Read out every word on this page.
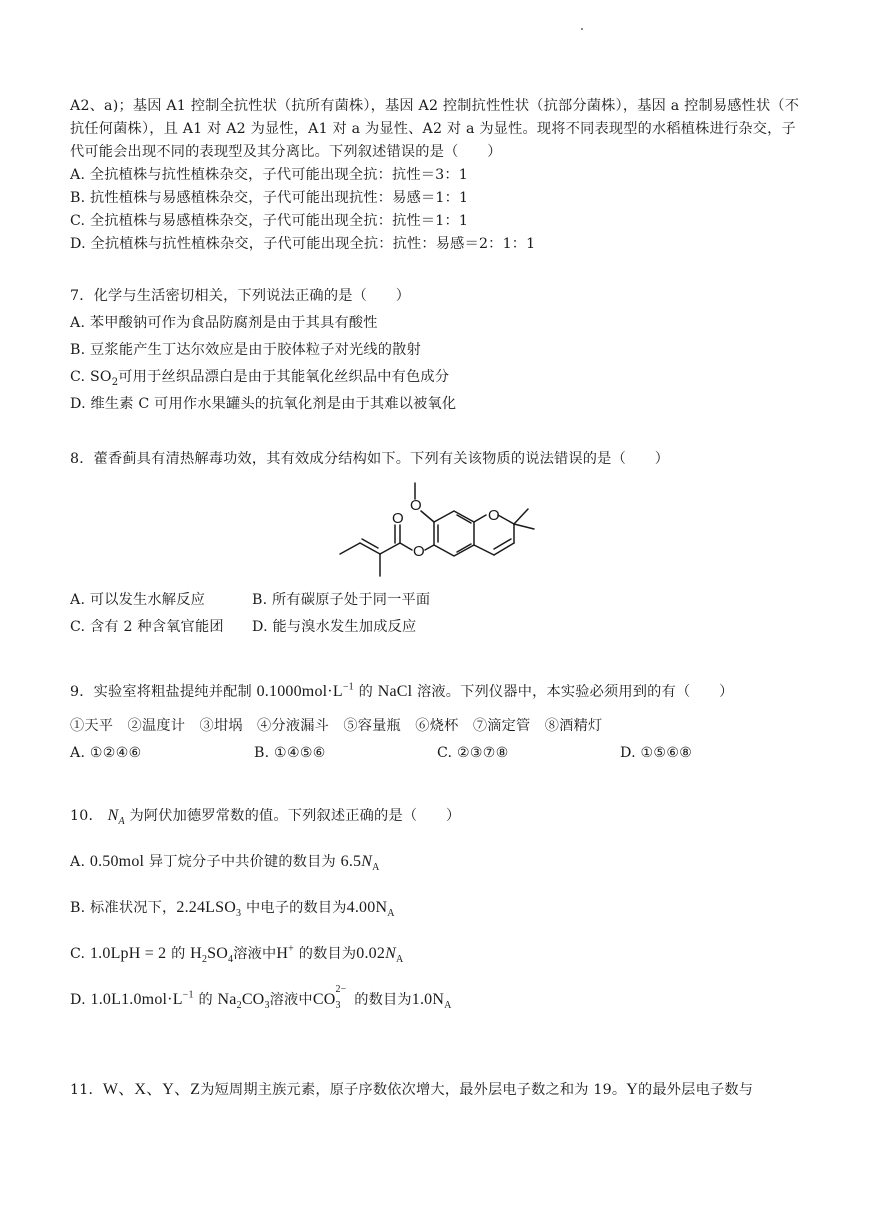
A2、a)；基因 A1 控制全抗性状（抗所有菌株），基因 A2 控制抗性性状（抗部分菌株），基因 a 控制易感性状（不
抗任何菌株），且 A1 对 A2 为显性，A1 对 a 为显性、A2 对 a 为显性。现将不同表现型的水稻植株进行杂交，子
代可能会出现不同的表现型及其分离比。下列叙述错误的是（　　）
A. 全抗植株与抗性植株杂交，子代可能出现全抗：抗性＝3：1
B. 抗性植株与易感植株杂交，子代可能出现抗性：易感＝1：1
C. 全抗植株与易感植株杂交，子代可能出现全抗：抗性＝1：1
D. 全抗植株与抗性植株杂交，子代可能出现全抗：抗性：易感＝2：1：1
7．化学与生活密切相关，下列说法正确的是（　　）
A. 苯甲酸钠可作为食品防腐剂是由于其具有酸性
B. 豆浆能产生丁达尔效应是由于胶体粒子对光线的散射
C. $SO_2$可用于丝织品漂白是由于其能氧化丝织品中有色成分
D. 维生素 C 可用作水果罐头的抗氧化剂是由于其难以被氧化
8．藿香蓟具有清热解毒功效，其有效成分结构如下。下列有关该物质的说法错误的是（　　）
O
O
O
O
A. 可以发生水解反应	B. 所有碳原子处于同一平面
C. 含有 2 种含氧官能团 D. 能与溴水发生加成反应
9．实验室将粗盐提纯并配制 $0.1000mol\cdot L^{-1}$ 的 NaCl 溶液。下列仪器中，本实验必须用到的有（　　）
①天平　②温度计　③坩埚　④分液漏斗　⑤容量瓶　⑥烧杯　⑦滴定管　⑧酒精灯
A. ①②④⑥	B. ①④⑤⑥	C. ②③⑦⑧	D. ①⑤⑥⑧
10． $N_A$ 为阿伏加德罗常数的值。下列叙述正确的是（　　）
A. 0.50mol 异丁烷分子中共价键的数目为 $6.5N_A$
B. 标准状况下，$2.24LSO_3$ 中电子的数目为$4.00N_A$
C. 1.0LpH = 2 的 $H_2SO_4$溶液中H+ 的数目为$0.02N_A$
D. $1.0L1.0mol\cdot L^{-1}$ 的 $Na_2CO_3$溶液中CO
2−
3 的数目为$1.0N_A$
11．W、X、Y、Z为短周期主族元素，原子序数依次增大，最外层电子数之和为 19。Y的最外层电子数与
